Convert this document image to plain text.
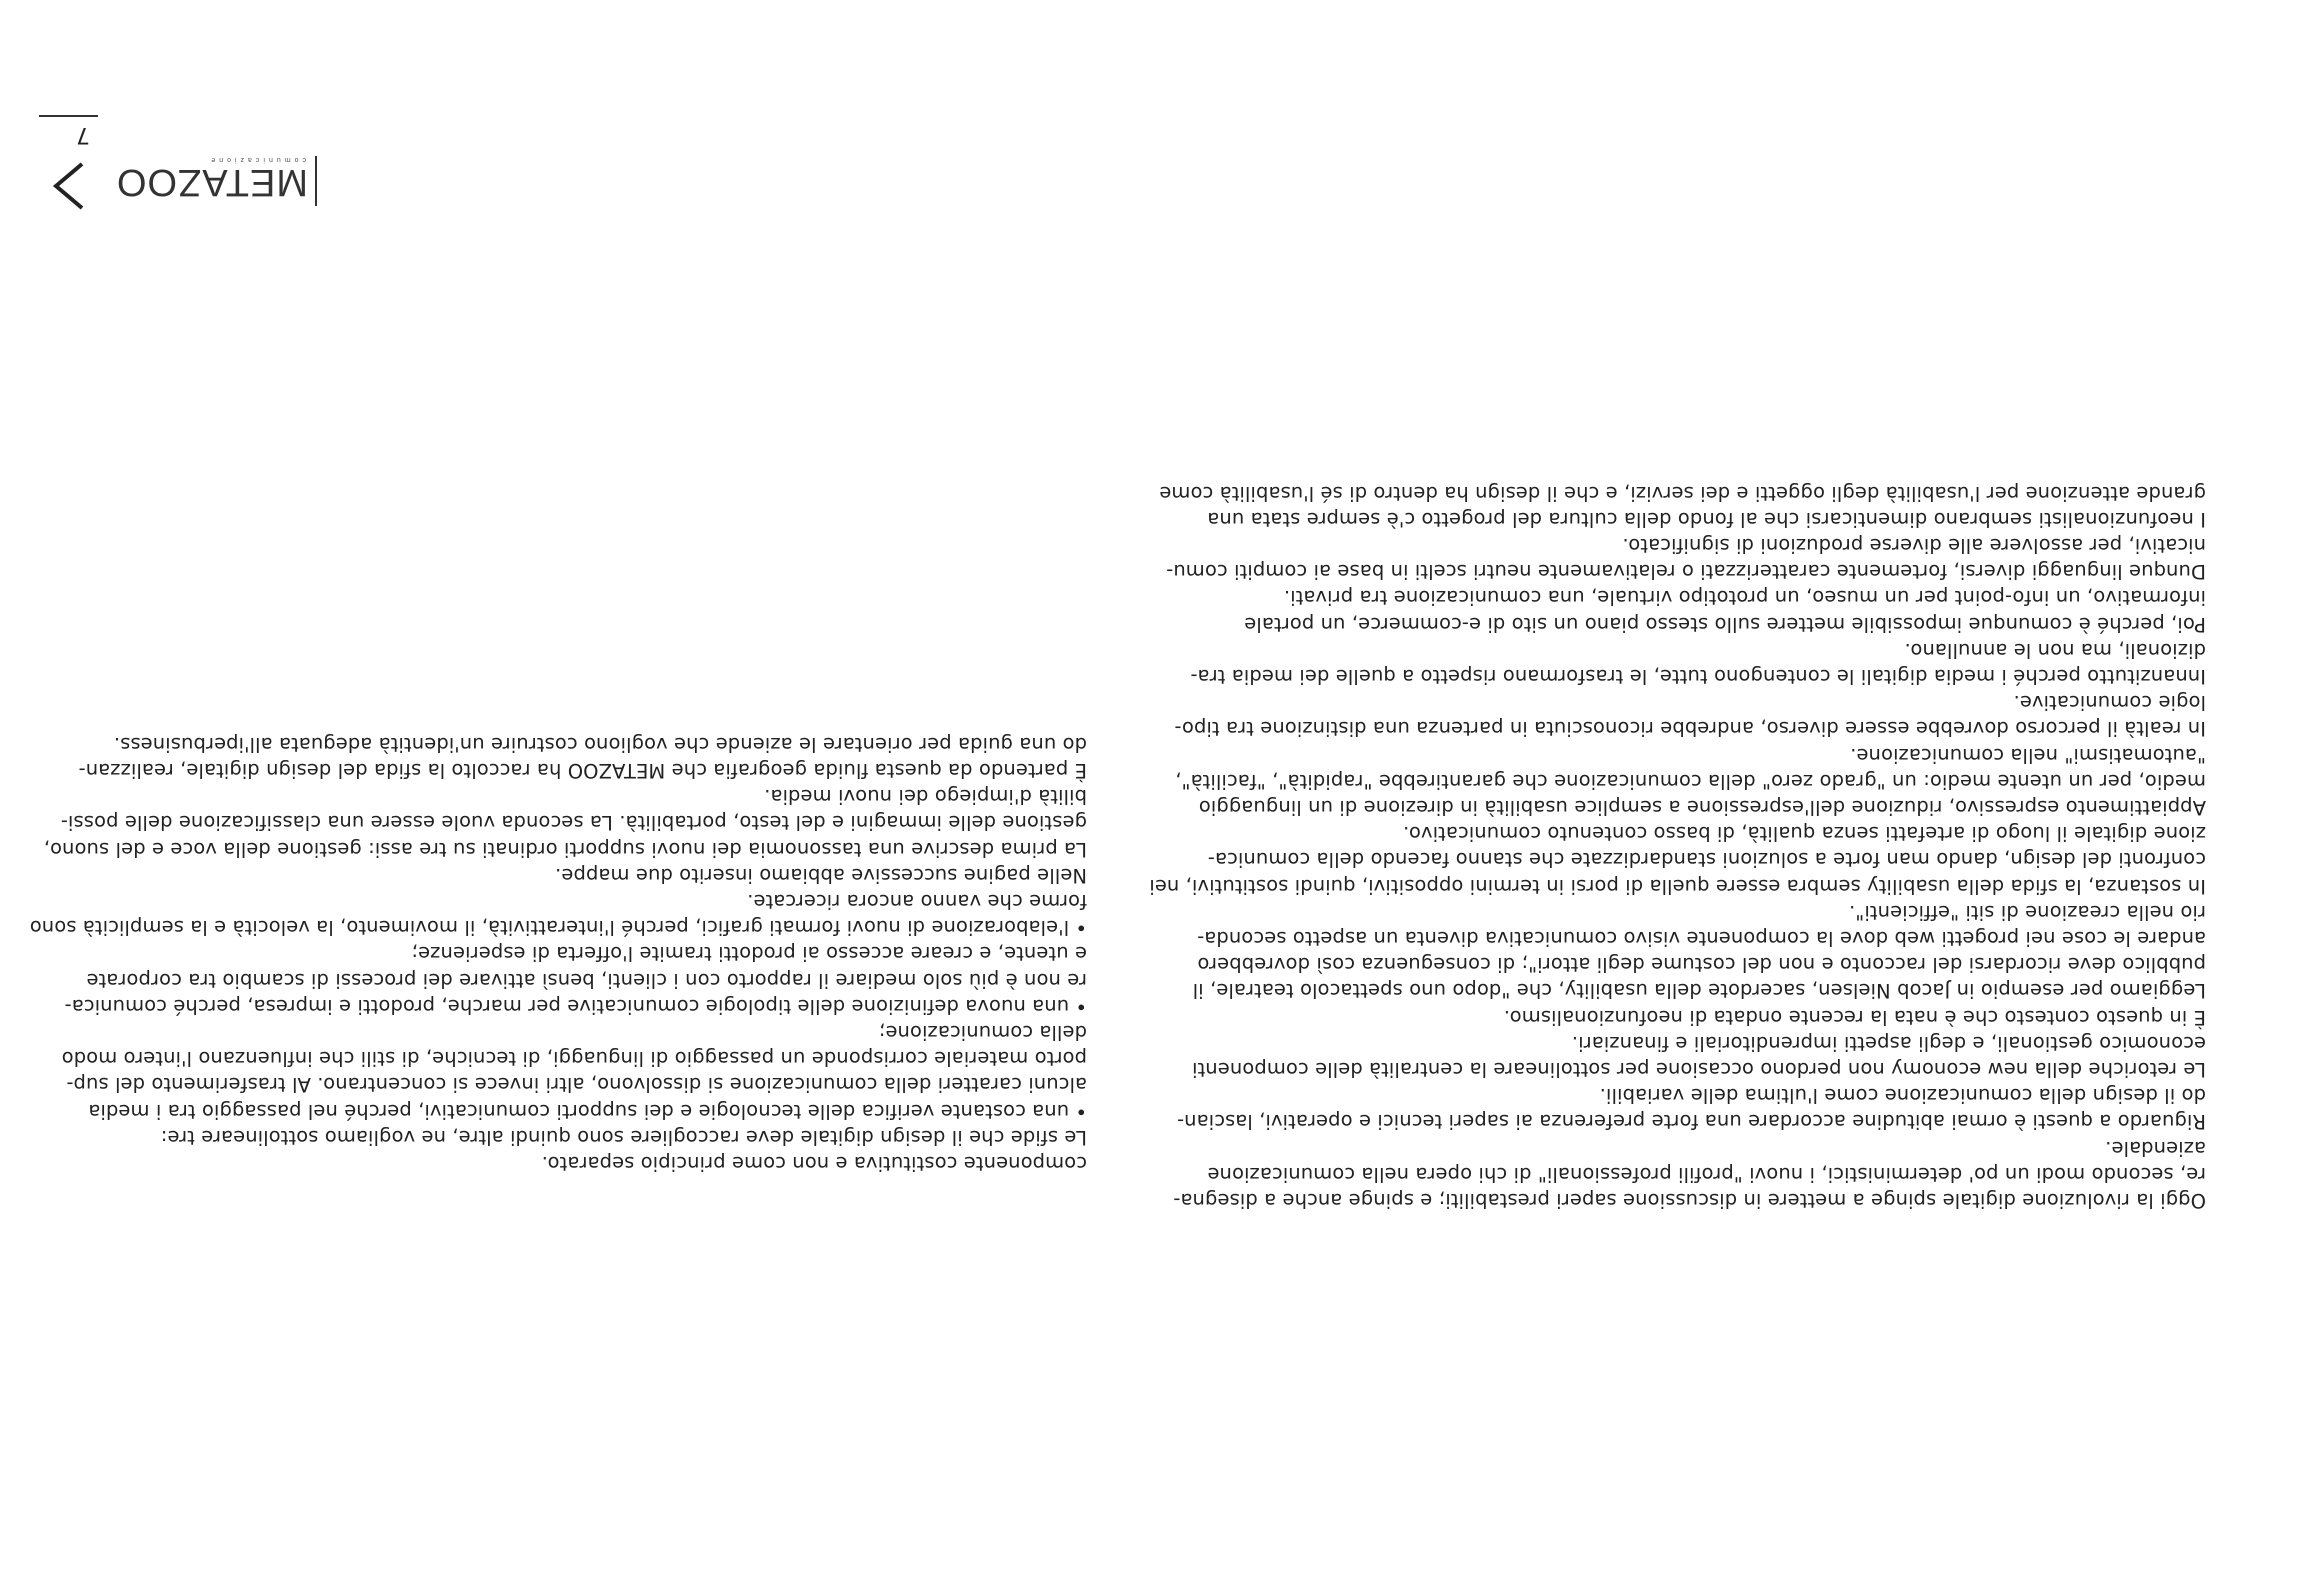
Oggi la rivoluzione digitale spinge a mettere in discussione saperi prestabiliti; e spinge anche a disegna-
re, secondo modi un po' deterministici, i nuovi "profili professionali" di chi opera nella comunicazione
aziendale.

Riguardo a questi è ormai abitudine accordare una forte preferenza ai saperi tecnici e operativi, lascian-
do il design della comunicazione come l'ultima delle variabili.

Le retoriche della new economy non perdono occasione per sottolineare la centralità delle componenti
economico gestionali, e degli aspetti imprenditoriali e finanziari.

È in questo contesto che è nata la recente ondata di neofunzionalismo.

Leggiamo per esempio in Jacob Nielsen, sacerdote della usability, che "dopo uno spettacolo teatrale, il
pubblico deve ricordarsi del racconto e non del costume degli attori"; di conseguenza così dovrebbero
andare le cose nei progetti web dove la componente visivo comunicativa diventa un aspetto seconda-
rio nella creazione di siti "efficienti".

In sostanza, la sfida della usability sembra essere quella di porsi in termini oppositivi, quindi sostitutivi, nei
confronti del design, dando man forte a soluzioni standardizzate che stanno facendo della comunica-
zione digitale il luogo di artefatti senza qualità, di basso contenuto comunicativo.

Appiattimento espressivo, riduzione dell'espressione a semplice usabilità in direzione di un linguaggio
medio, per un utente medio: un "grado zero" della comunicazione che garantirebbe "rapidità", "facilità",
"automatismi" nella comunicazione.

In realtà il percorso dovrebbe essere diverso, andrebbe riconosciuta in partenza una distinzione tra tipo-
logie comunicative.

Innanzitutto perché i media digitali le contengono tutte, le trasformano rispetto a quelle dei media tra-
dizionali, ma non le annullano.

Poi, perché è comunque impossibile mettere sullo stesso piano un sito di e-commerce, un portale
informativo, un info-point per un museo, un prototipo virtuale, una comunicazione tra privati.

Dunque linguaggi diversi, fortemente caratterizzati o relativamente neutri scelti in base ai compiti comu-
nicativi, per assolvere alle diverse produzioni di significato.

I neofunzionalisti sembrano dimenticarsi che al fondo della cultura del progetto c'è sempre stata una
grande attenzione per l'usabilità degli oggetti e dei servizi, e che il design ha dentro di sé l'usabilità come

componente costitutiva e non come principio separato.

Le sfide che il design digitale deve raccogliere sono quindi altre, ne vogliamo sottolineare tre:

• una costante verifica delle tecnologie e dei supporti comunicativi, perché nel passaggio tra i media
alcuni caratteri della comunicazione si dissolvono, altri invece si concentrano. Al trasferimento del sup-
porto materiale corrisponde un passaggio di linguaggi, di tecniche, di stili che influenzano l'intero modo
della comunicazione;

• una nuova definizione delle tipologie comunicative per marche, prodotti e impresa, perché comunica-
re non è più solo mediare il rapporto con i clienti, bensì attivare dei processi di scambio tra corporate
e utente, e creare accesso ai prodotti tramite l'offerta di esperienze;

• l'elaborazione di nuovi formati grafici, perché l'interattività, il movimento, la velocità e la semplicità sono
forme che vanno ancora ricercate.

Nelle pagine successive abbiamo inserito due mappe.

La prima descrive una tassonomia dei nuovi supporti ordinati su tre assi: gestione della voce e del suono,
gestione delle immagini e del testo, portabilità. La seconda vuole essere una classificazione delle possi-
bilità d'impiego dei nuovi media.

È partendo da questa fluida geografia che METAZOO ha raccolto la sfida del design digitale, realizzan-
do una guida per orientare le aziende che vogliono costruire un'identità adeguata all'iperbusiness.

METAZOO
comunicazione
7
